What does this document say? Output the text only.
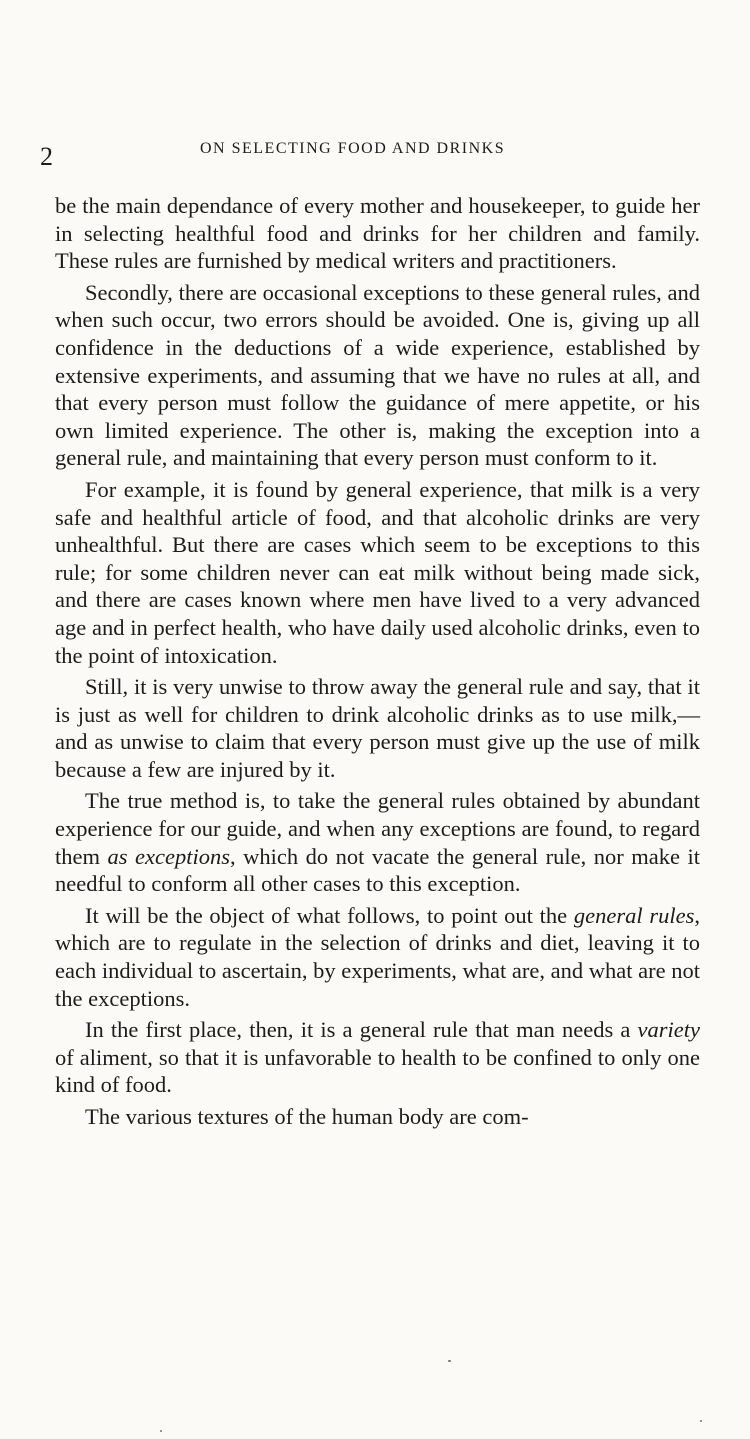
2	ON SELECTING FOOD AND DRINKS

be the main dependance of every mother and housekeeper, to guide her in selecting healthful food and drinks for her children and family. These rules are furnished by medical writers and practitioners.

Secondly, there are occasional exceptions to these general rules, and when such occur, two errors should be avoided. One is, giving up all confidence in the deductions of a wide experience, established by extensive experiments, and assuming that we have no rules at all, and that every person must follow the guidance of mere appetite, or his own limited experience. The other is, making the exception into a general rule, and maintaining that every person must conform to it.

For example, it is found by general experience, that milk is a very safe and healthful article of food, and that alcoholic drinks are very unhealthful. But there are cases which seem to be exceptions to this rule; for some children never can eat milk without being made sick, and there are cases known where men have lived to a very advanced age and in perfect health, who have daily used alcoholic drinks, even to the point of intoxication.

Still, it is very unwise to throw away the general rule and say, that it is just as well for children to drink alcoholic drinks as to use milk,—and as unwise to claim that every person must give up the use of milk because a few are injured by it.

The true method is, to take the general rules obtained by abundant experience for our guide, and when any exceptions are found, to regard them as exceptions, which do not vacate the general rule, nor make it needful to conform all other cases to this exception.

It will be the object of what follows, to point out the general rules, which are to regulate in the selection of drinks and diet, leaving it to each individual to ascertain, by experiments, what are, and what are not the exceptions.

In the first place, then, it is a general rule that man needs a variety of aliment, so that it is unfavorable to health to be confined to only one kind of food.

The various textures of the human body are com-
